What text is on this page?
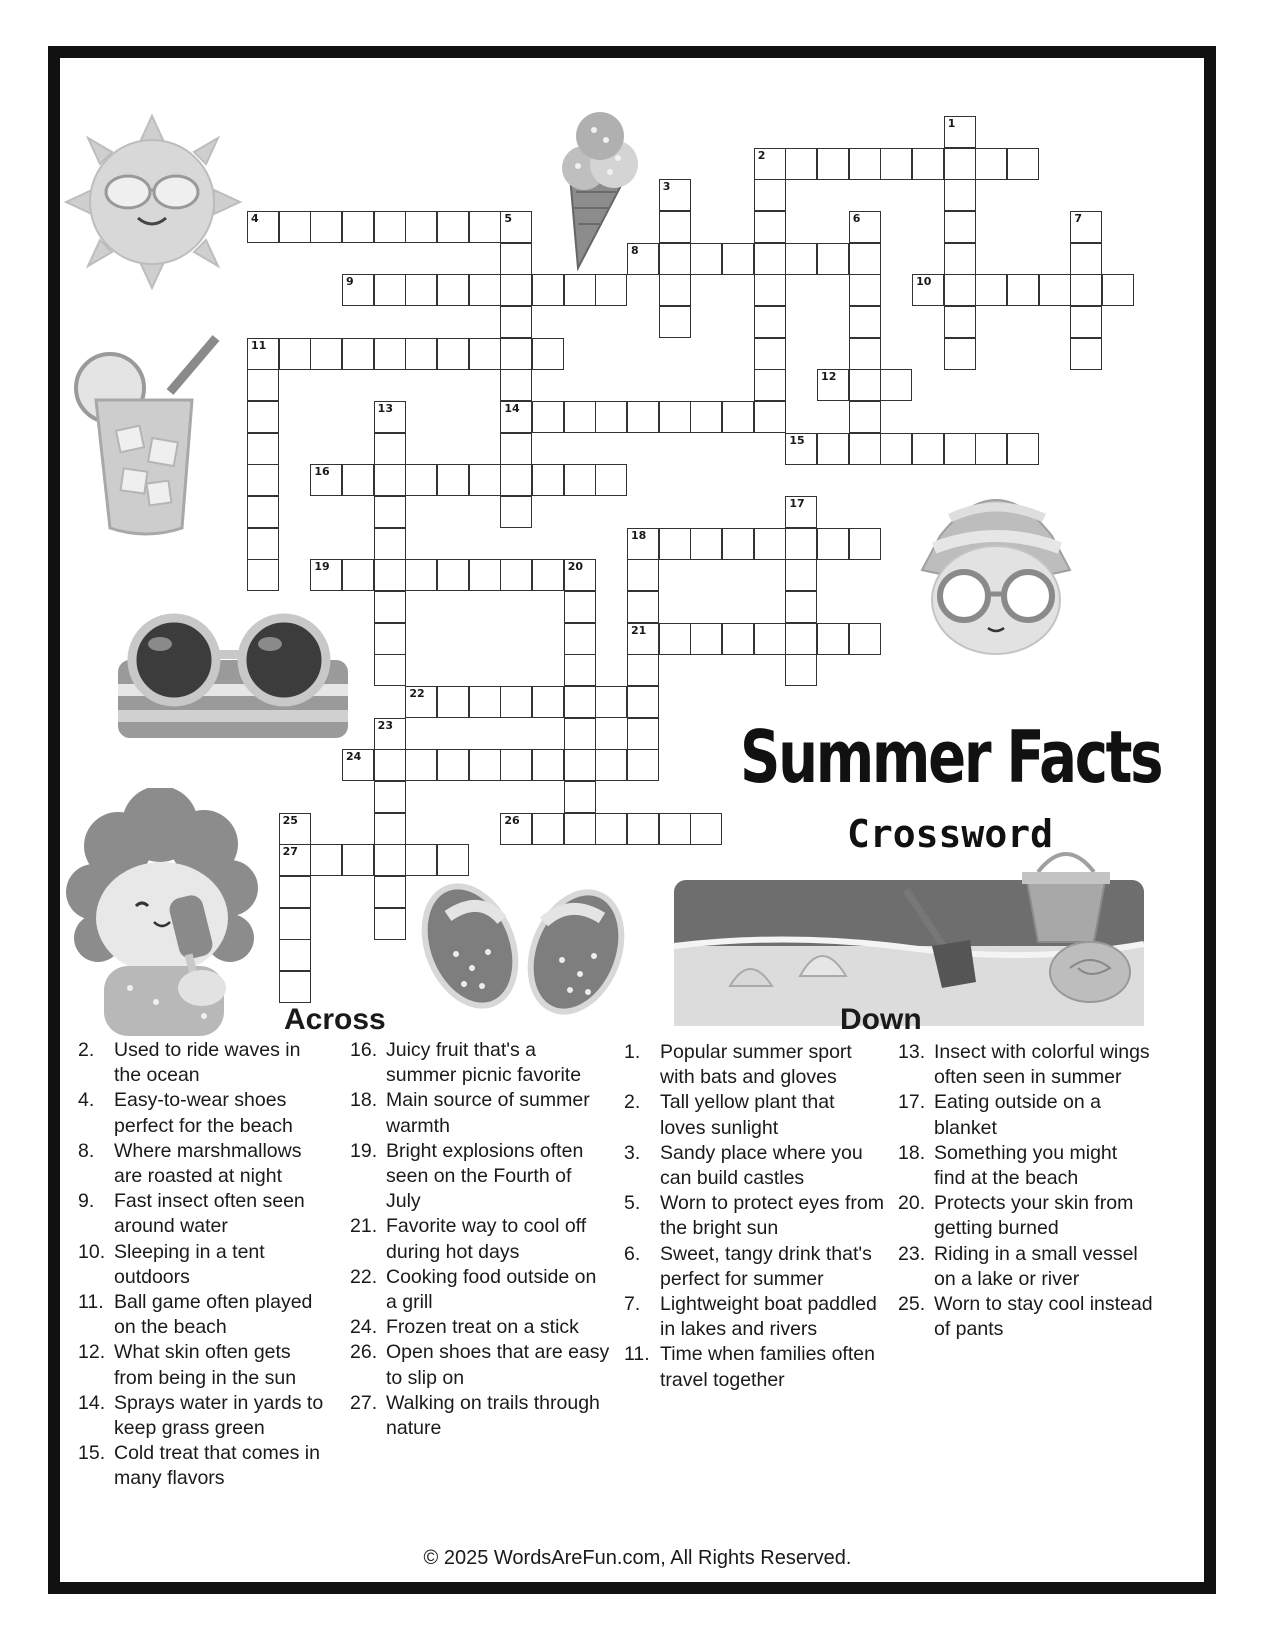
1
2
3
4	5
14
6	7
8
9	10
11
12
13
15
16
17
18
21
19	20
22
23
24
25
27
26
Summer Facts
Crossword
Across	Down
2.	Used to ride waves in the ocean
4.	Easy-to-wear shoes perfect for the beach
8.	Where marshmallows are roasted at night
9.	Fast insect often seen around water
10. Sleeping in a tent outdoors
11. Ball game often played on the beach
12. What skin often gets from being in the sun
14. Sprays water in yards to keep grass green
15. Cold treat that comes in many flavors
16. Juicy fruit that's a summer picnic favorite
18. Main source of summer warmth
19. Bright explosions often seen on the Fourth of July
21. Favorite way to cool off during hot days
22. Cooking food outside on a grill
24. Frozen treat on a stick
26. Open shoes that are easy to slip on
27. Walking on trails through nature
1.	Popular summer sport with bats and gloves
2.	Tall yellow plant that loves sunlight
3.	Sandy place where you can build castles
5.	Worn to protect eyes from the bright sun
6.	Sweet, tangy drink that's perfect for summer
7.	Lightweight boat paddled in lakes and rivers
11. Time when families often travel together
13. Insect with colorful wings often seen in summer
17. Eating outside on a blanket
18. Something you might find at the beach
20. Protects your skin from getting burned
23. Riding in a small vessel on a lake or river
25. Worn to stay cool instead of pants
© 2025 WordsAreFun.com, All Rights Reserved.
